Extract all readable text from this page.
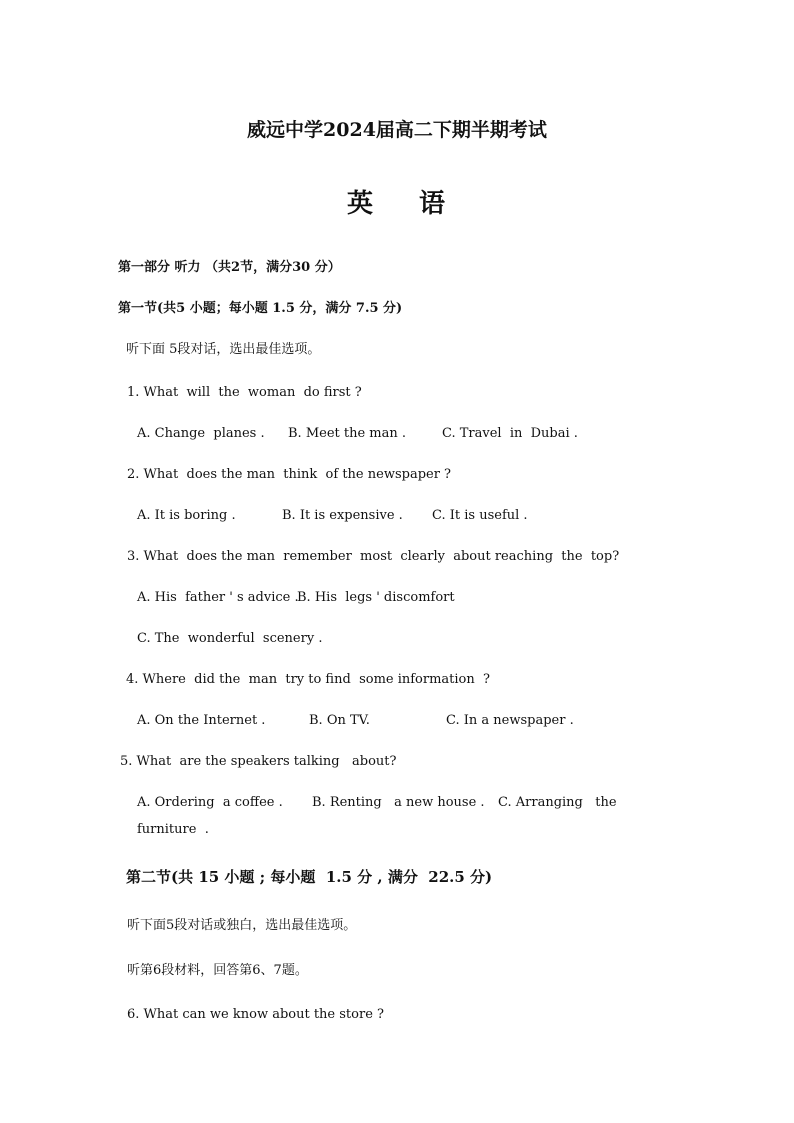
威远中学2024届高二下期半期考试
英 语
第一部分 听力 （共2节，满分30 分）
第一节(共5 小题；每小题 1.5 分，满分 7.5 分)
听下面 5段对话，选出最佳选项。
1. What  will  the  woman  do first ?
A. Change  planes . B. Meet the man .	C. Travel  in  Dubai .
2. What  does the man  think  of the newspaper ?
A. It is boring .	B. It is expensive . C. It is useful .
3. What  does the man  remember  most  clearly  about reaching  the  top?
A. His  father ' s advice .
B. His  legs ' discomfort
C. The  wonderful  scenery .
4. Where  did the  man  try to find  some information  ?
A. On the Internet .	B. On TV.	C. In a newspaper .
5. What  are the speakers talking   about?
A. Ordering  a coffee . B. Renting   a new house . C. Arranging   the
furniture  .
第二节(共 15 小题 ; 每小题  1.5 分 , 满分  22.5 分)
听下面5段对话或独白，选出最佳选项。
听第6段材料，回答第6、7题。
6. What can we know about the store ?
